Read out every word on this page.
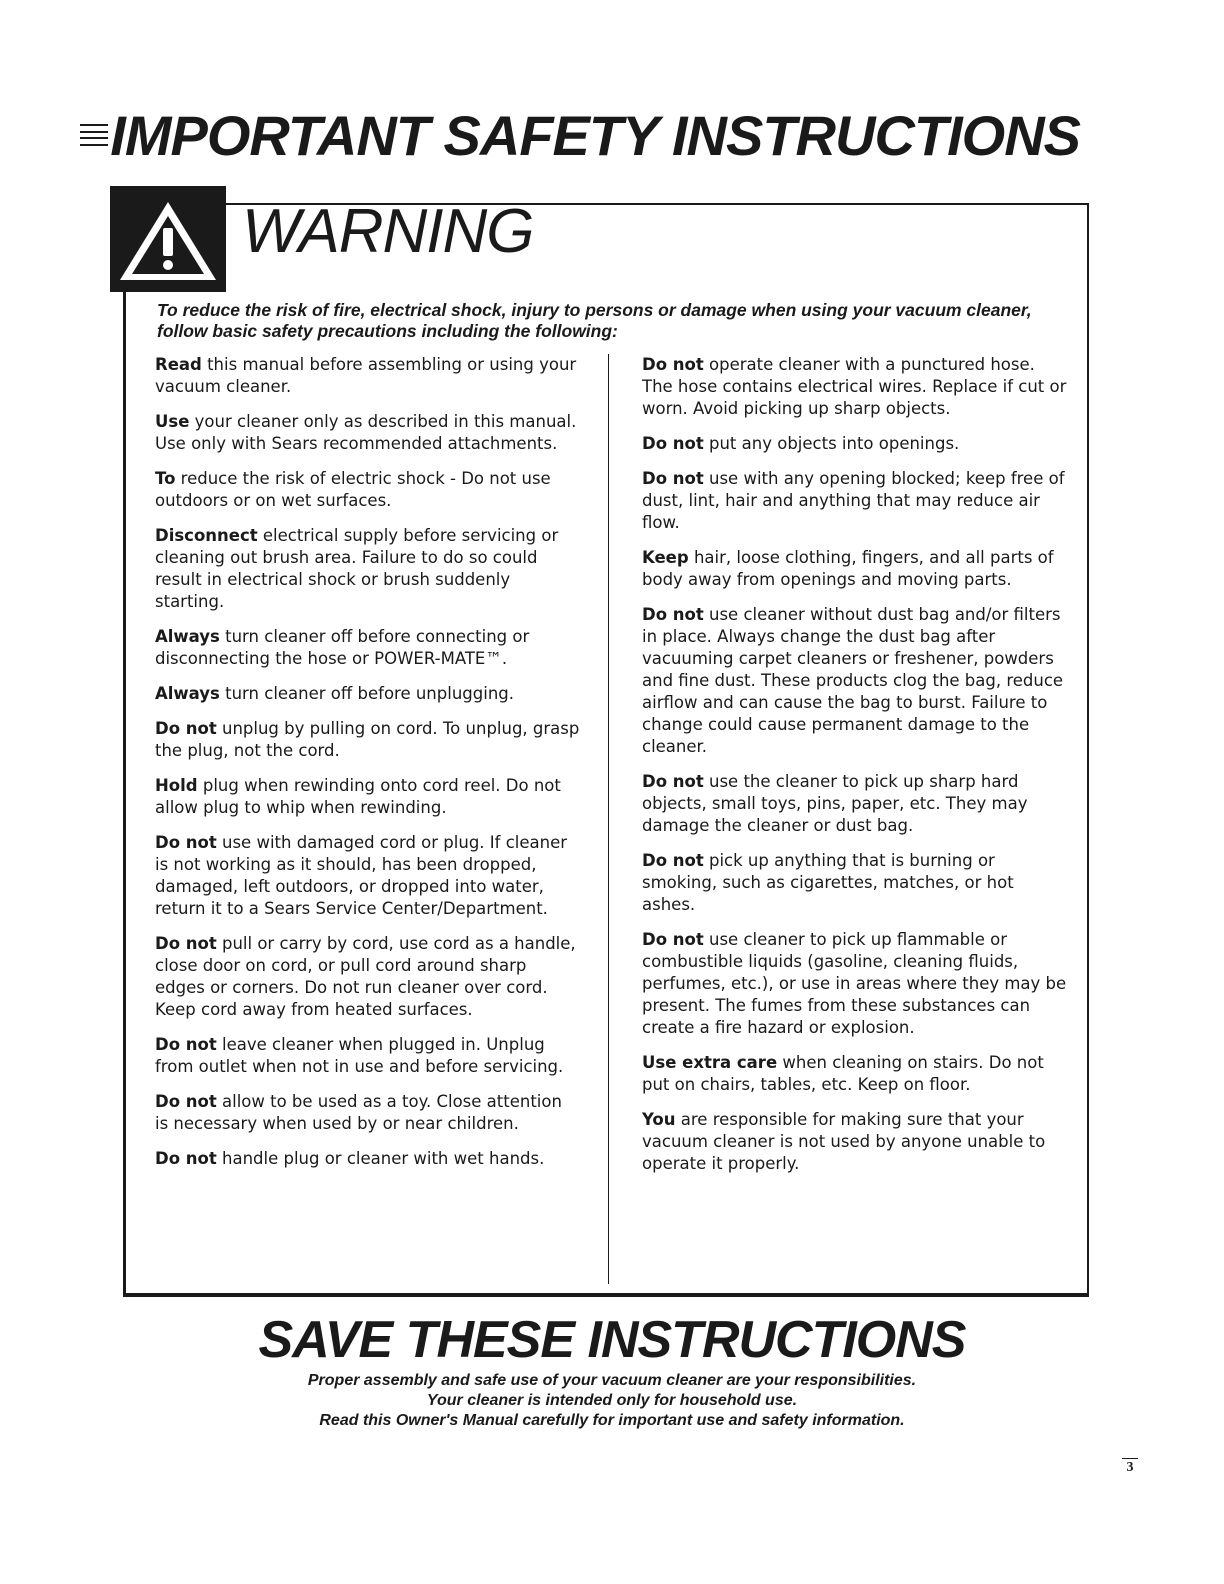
IMPORTANT SAFETY INSTRUCTIONS
WARNING
To reduce the risk of fire, electrical shock, injury to persons or damage when using your vacuum cleaner, follow basic safety precautions including the following:

Read this manual before assembling or using your vacuum cleaner.

Use your cleaner only as described in this manual. Use only with Sears recommended attachments.

To reduce the risk of electric shock - Do not use outdoors or on wet surfaces.

Disconnect electrical supply before servicing or cleaning out brush area. Failure to do so could result in electrical shock or brush suddenly starting.

Always turn cleaner off before connecting or disconnecting the hose or POWER-MATE™.

Always turn cleaner off before unplugging.

Do not unplug by pulling on cord. To unplug, grasp the plug, not the cord.

Hold plug when rewinding onto cord reel. Do not allow plug to whip when rewinding.

Do not use with damaged cord or plug. If cleaner is not working as it should, has been dropped, damaged, left outdoors, or dropped into water, return it to a Sears Service Center/Department.

Do not pull or carry by cord, use cord as a handle, close door on cord, or pull cord around sharp edges or corners. Do not run cleaner over cord. Keep cord away from heated surfaces.

Do not leave cleaner when plugged in. Unplug from outlet when not in use and before servicing.

Do not allow to be used as a toy. Close attention is necessary when used by or near children.

Do not handle plug or cleaner with wet hands.

Do not operate cleaner with a punctured hose. The hose contains electrical wires. Replace if cut or worn. Avoid picking up sharp objects.

Do not put any objects into openings.

Do not use with any opening blocked; keep free of dust, lint, hair and anything that may reduce air flow.

Keep hair, loose clothing, fingers, and all parts of body away from openings and moving parts.

Do not use cleaner without dust bag and/or filters in place. Always change the dust bag after vacuuming carpet cleaners or freshener, powders and fine dust. These products clog the bag, reduce airflow and can cause the bag to burst. Failure to change could cause permanent damage to the cleaner.

Do not use the cleaner to pick up sharp hard objects, small toys, pins, paper, etc. They may damage the cleaner or dust bag.

Do not pick up anything that is burning or smoking, such as cigarettes, matches, or hot ashes.

Do not use cleaner to pick up flammable or combustible liquids (gasoline, cleaning fluids, perfumes, etc.), or use in areas where they may be present. The fumes from these substances can create a fire hazard or explosion.

Use extra care when cleaning on stairs. Do not put on chairs, tables, etc. Keep on floor.

You are responsible for making sure that your vacuum cleaner is not used by anyone unable to operate it properly.

SAVE THESE INSTRUCTIONS
Proper assembly and safe use of your vacuum cleaner are your responsibilities.
Your cleaner is intended only for household use.
Read this Owner's Manual carefully for important use and safety information.
3
